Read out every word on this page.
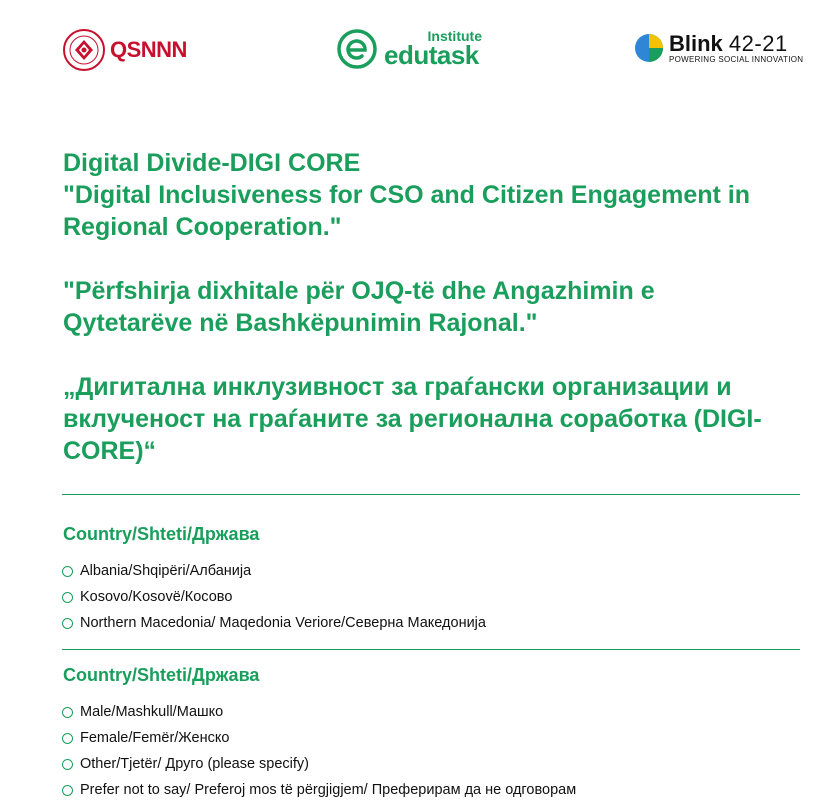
QSNNN
Institute
edutask	Blink 42-21
POWERING SOCIAL INNOVATION

Digital Divide-DIGI CORE

"Digital Inclusiveness for CSO and Citizen Engagement in Regional Cooperation."

"Përfshirja dixhitale për OJQ-të dhe Angazhimin e Qytetarëve në Bashkëpunimin Rajonal."

„Дигитална инклузивност за граѓански организации и вклученост на граѓаните за регионална соработка (DIGI-CORE)“

Country/Shteti/Држава
Albania/Shqipëri/Албанија
Kosovo/Kosovë/Косово
Northern Macedonia/ Maqedonia Veriore/Северна Македонија
Country/Shteti/Држава
Male/Mashkull/Машко
Female/Femër/Женско
Other/Tjetër/ Друго (please specify)
Prefer not to say/ Preferoj mos të përgjigjem/ Преферирам да не одговорам
